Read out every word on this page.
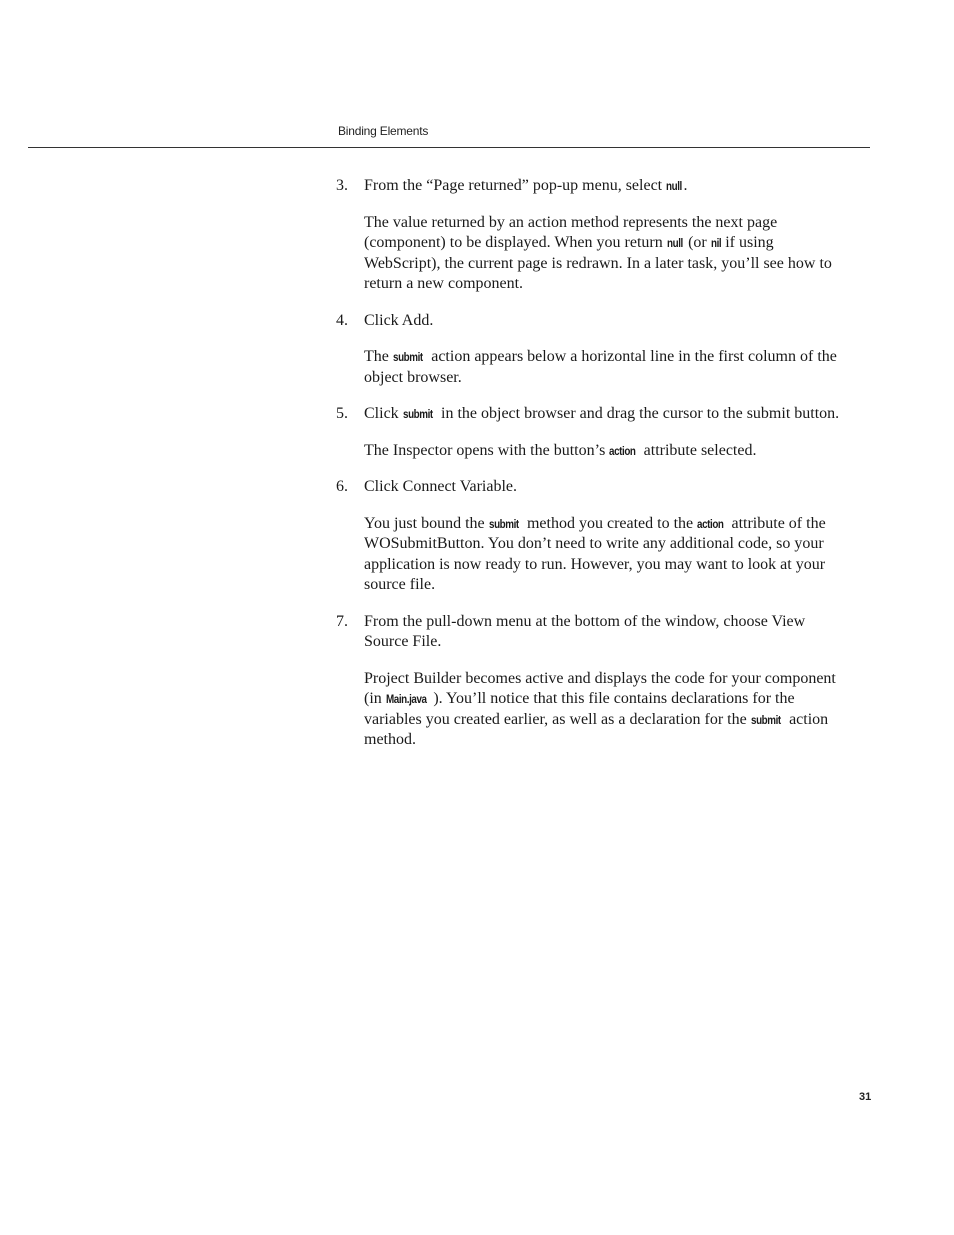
Binding Elements

3. From the “Page returned” pop-up menu, select null.

The value returned by an action method represents the next page (component) to be displayed. When you return null (or nil if using WebScript), the current page is redrawn. In a later task, you’ll see how to return a new component.

4. Click Add.

The submit action appears below a horizontal line in the first column of the object browser.

5. Click submit in the object browser and drag the cursor to the submit button.

The Inspector opens with the button’s action attribute selected.

6. Click Connect Variable.

You just bound the submit method you created to the action attribute of the WOSubmitButton. You don’t need to write any additional code, so your application is now ready to run. However, you may want to look at your source file.

7. From the pull-down menu at the bottom of the window, choose View Source File.

Project Builder becomes active and displays the code for your component (in Main.java ). You’ll notice that this file contains declarations for the variables you created earlier, as well as a declaration for the submit action method.

31
